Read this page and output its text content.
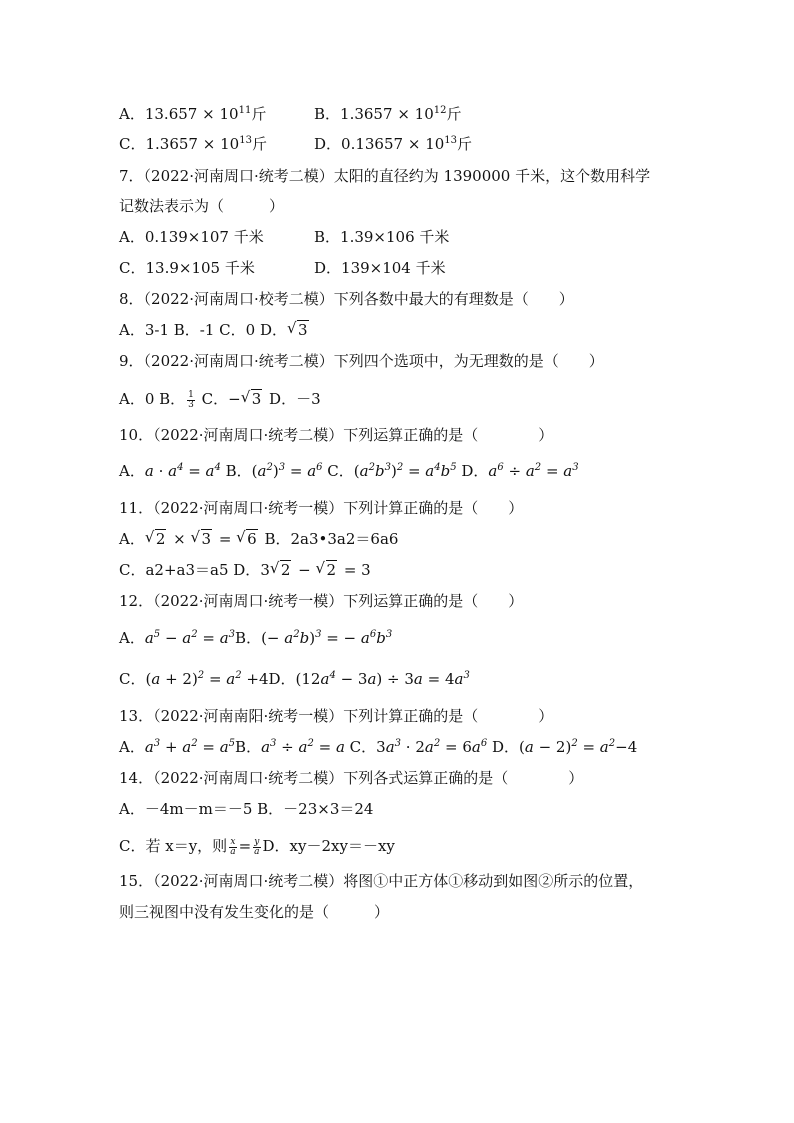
A．$13.657 \times 10^{11}$斤	B．$1.3657 \times 10^{12}$斤
C．$1.3657 \times 10^{13}$斤	D．$0.13657 \times 10^{13}$斤
7．（2022·河南周口·统考二模）太阳的直径约为 1390000 千米，这个数用科学
记数法表示为（　　　）
A．0.139×107 千米	B．1.39×106 千米
C．13.9×105 千米	D．139×104 千米
8．（2022·河南周口·校考二模）下列各数中最大的有理数是（　　）
A．3-1 B．-1 C．0 D． √ 3
9．（2022·河南周口·统考二模）下列四个选项中，为无理数的是（　　）
A．0 B． $\frac{1}{3}$ C．− √ 3 D．－3
10．（2022·河南周口·统考二模）下列运算正确的是（　　　　）
A．$a \cdot a^4 = a^4$ B．$(a^2)^3 = a^6$ C．$(a^2b^3)^2 = a^4b^5$ D．$a^6 \div a^2 = a^3$
11．（2022·河南周口·统考一模）下列计算正确的是（　　）
A． √ 2 × √ 3 = √ 6 B．2a3•3a2＝6a6
C．a2+a3＝a5 D．3 √ 2 − √ 2 = 3
12．（2022·河南周口·统考一模）下列运算正确的是（　　）
A．$a^5 - a^2 = a^3B$．(− $a^2b)^3$ = − $a^6b^3$
C．$(a + 2)^2 = a^2 +4D$．$(12a^4 - 3a) \div 3a = 4a^3$
13．（2022·河南南阳·统考一模）下列计算正确的是（　　　　）
A．$a^3 + a^2 = a^5B$．$a^3 \div a^2 = a$ C．$3a^3 \cdot 2a^2 = 6a^6$ D．$(a - 2)^2 = a^2-4$
14．（2022·河南周口·统考二模）下列各式运算正确的是（　　　　）
A．－4m－m＝－5 B．－23×3＝24
C．若 x＝y，则 $\frac{x}{a} = \frac{y}{a}$ D．xy－2xy＝－xy
15．（2022·河南周口·统考二模）将图①中正方体①移动到如图②所示的位置，
则三视图中没有发生变化的是（　　　）
